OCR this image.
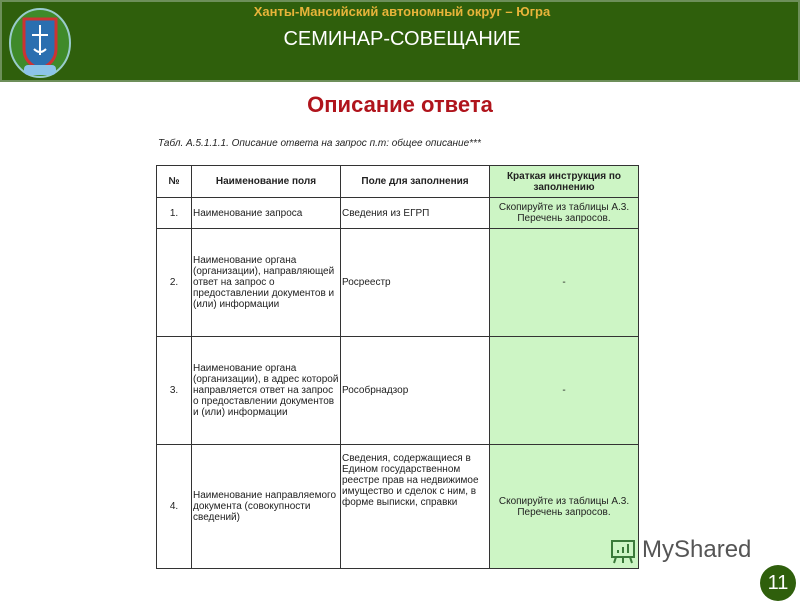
Ханты-Мансийский автономный округ – Югра
СЕМИНАР-СОВЕЩАНИЕ
Описание ответа
Табл. А.5.1.1.1. Описание ответа на запрос п.т: общее описание***
№	Наименование поля	Поле для заполнения	Краткая инструкция по заполнению
1.	Наименование запроса	Сведения из ЕГРП	Скопируйте из таблицы А.3. Перечень запросов.
2.	Наименование органа (организации), направляющей ответ на запрос о предоставлении документов и (или) информации	Росреестр	-
3.	Наименование органа (организации), в адрес которой направляется ответ на запрос о предоставлении документов и (или) информации	Рособрнадзор	-
4.	Наименование направляемого документа (совокупности сведений)	Сведения, содержащиеся в Едином государственном реестре прав на недвижимое имущество и сделок с ним, в форме выписки, справки	Скопируйте из таблицы А.3. Перечень запросов.
MyShared
11
